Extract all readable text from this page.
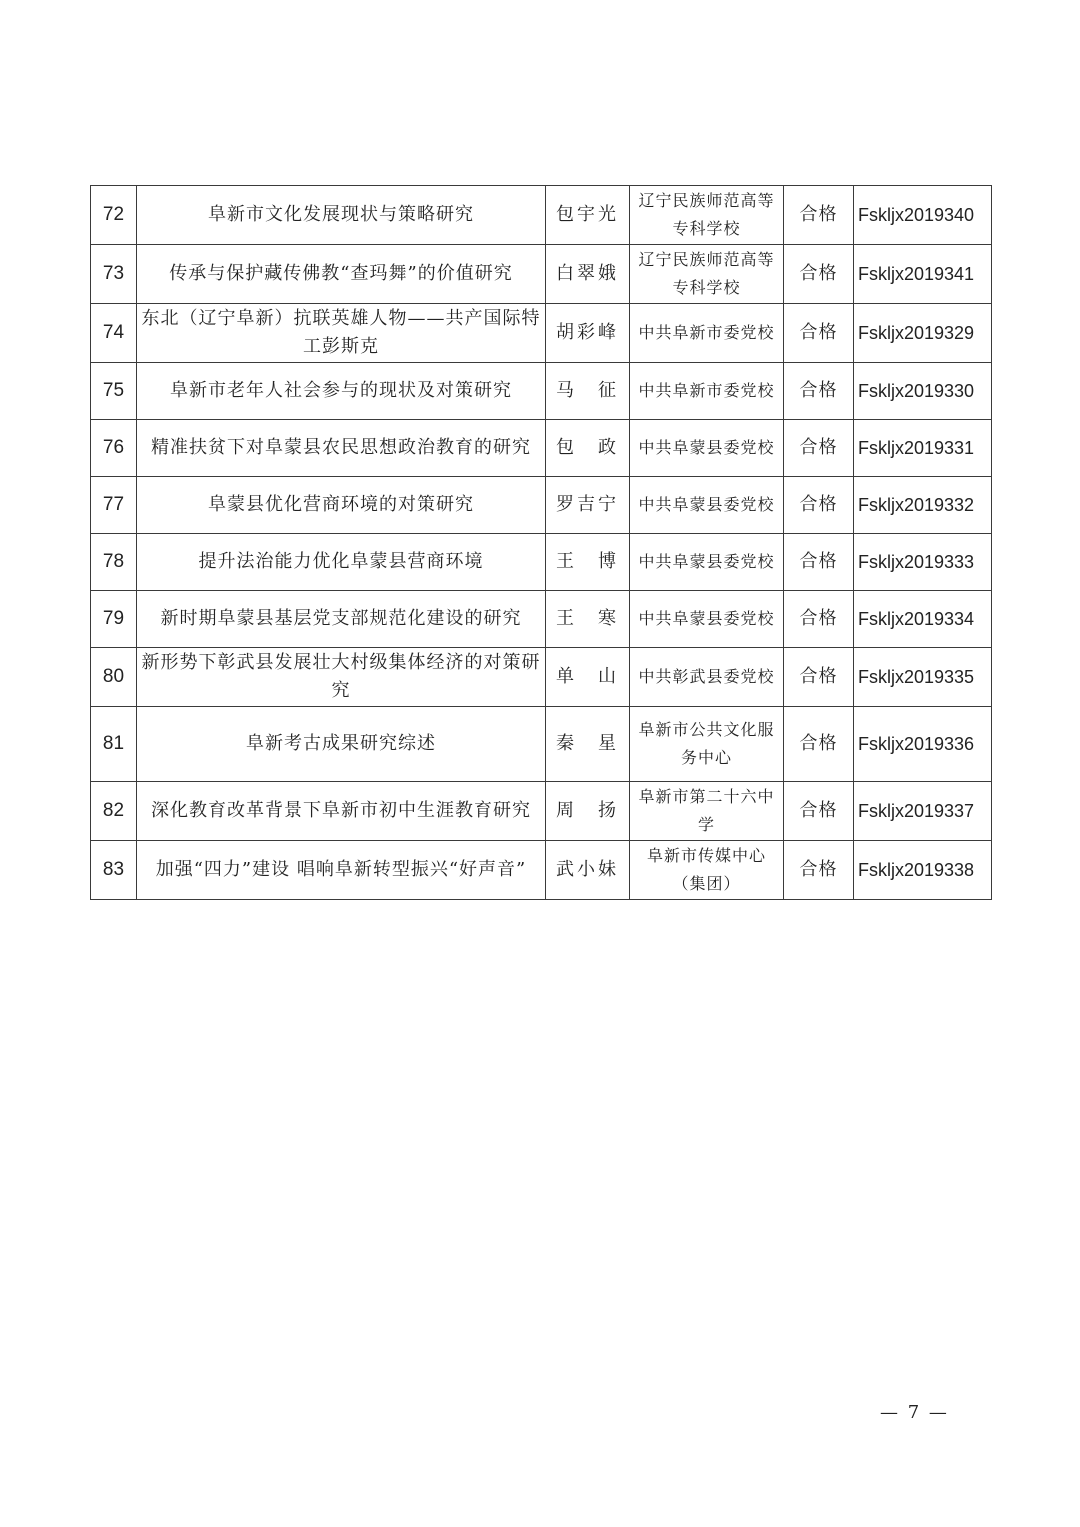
72	阜新市文化发展现状与策略研究	包宇光	辽宁民族师范高等专科学校	合格	Fskljx2019340
73	传承与保护藏传佛教“查玛舞”的价值研究	白翠娥	辽宁民族师范高等专科学校	合格	Fskljx2019341
74	东北（辽宁阜新）抗联英雄人物——共产国际特工彭斯克	胡彩峰	中共阜新市委党校	合格	Fskljx2019329
75	阜新市老年人社会参与的现状及对策研究	马　征	中共阜新市委党校	合格	Fskljx2019330
76	精准扶贫下对阜蒙县农民思想政治教育的研究	包　政	中共阜蒙县委党校	合格	Fskljx2019331
77	阜蒙县优化营商环境的对策研究	罗吉宁	中共阜蒙县委党校	合格	Fskljx2019332
78	提升法治能力优化阜蒙县营商环境	王　博	中共阜蒙县委党校	合格	Fskljx2019333
79	新时期阜蒙县基层党支部规范化建设的研究	王　寒	中共阜蒙县委党校	合格	Fskljx2019334
80	新形势下彰武县发展壮大村级集体经济的对策研究	单　山	中共彰武县委党校	合格	Fskljx2019335
81	阜新考古成果研究综述	秦　星	阜新市公共文化服务中心	合格	Fskljx2019336
82	深化教育改革背景下阜新市初中生涯教育研究	周　扬	阜新市第二十六中学	合格	Fskljx2019337
83	加强“四力”建设 唱响阜新转型振兴“好声音”	武小妹	阜新市传媒中心（集团）	合格	Fskljx2019338
— 7 —
